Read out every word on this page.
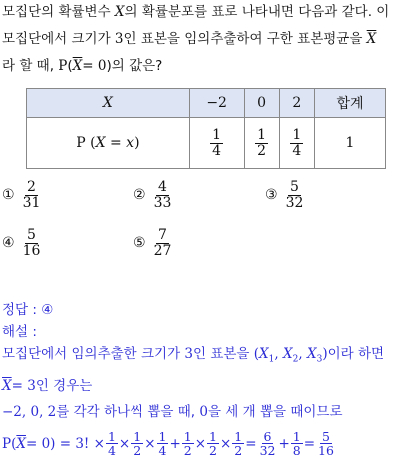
모집단의 확률변수 X의 확률분포를 표로 나타내면 다음과 같다. 이
모집단에서 크기가 3인 표본을 임의추출하여 구한 표본평균을 $\overline{X}$
라 할 때, $P(\overline{X}= 0)$의 값은?
X	−2	0	2	합계
P (X = x)	$\frac{1}{4}$	$\frac{1}{2}$	$\frac{1}{4}$	1
① $\frac{2}{31}$	② $\frac{4}{33}$	③ $\frac{5}{32}$
④ $\frac{5}{16}$	⑤ $\frac{7}{27}$
정답 : ④
해설 :
모집단에서 임의추출한 크기가 3인 표본을 ($X_1$, $X_2$, $X_3$)이라 하면
$\overline{X}= 3$인 경우는
−2, 0, 2를 각각 하나씩 뽑을 때, 0을 세 개 뽑을 때이므로
$P(\overline{X}= 0) = 3$! × $\frac{1}{4} \times \frac{1}{2} \times \frac{1}{4} + \frac{1}{2} \times \frac{1}{2} \times \frac{1}{2} = \frac{6}{32} + \frac{1}{8} = \frac{5}{16}$
